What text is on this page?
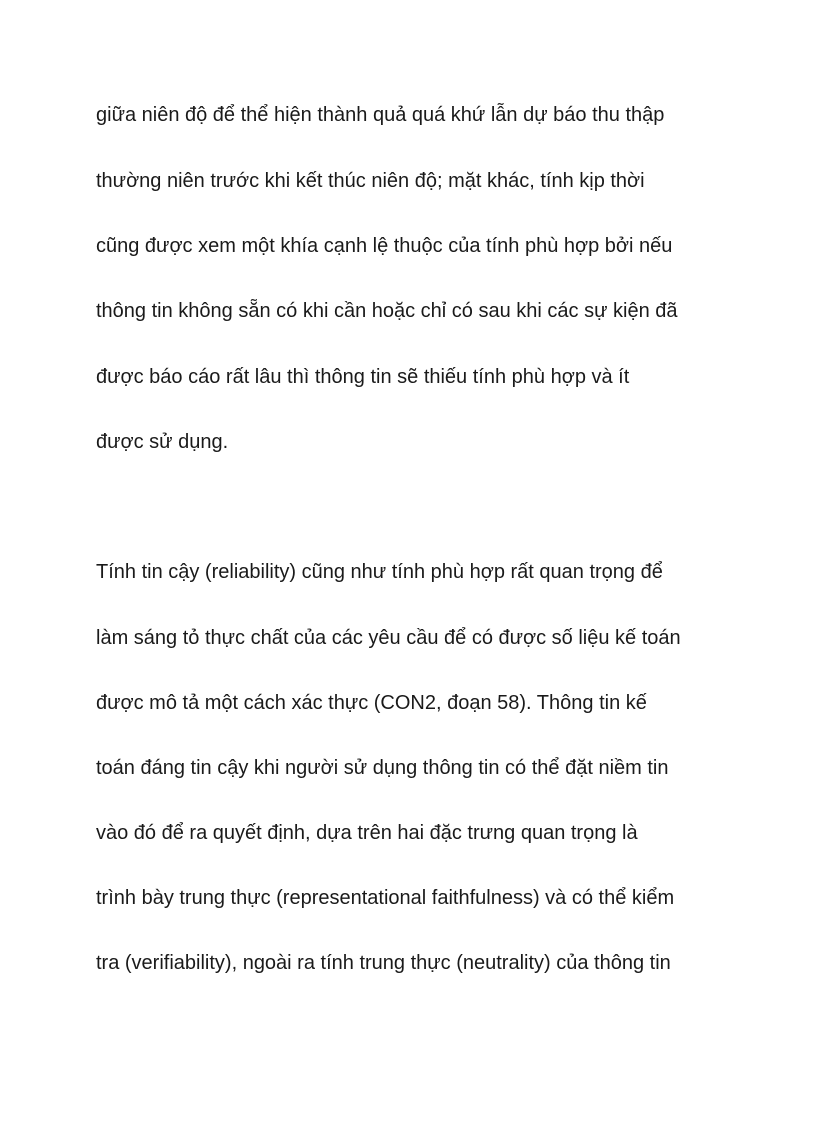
giữa niên độ để thể hiện thành quả quá khứ lẫn dự báo thu thập

thường niên trước khi kết thúc niên độ; mặt khác, tính kịp thời

cũng được xem một khía cạnh lệ thuộc của tính phù hợp bởi nếu

thông tin không sẵn có khi cần hoặc chỉ có sau khi các sự kiện đã

được báo cáo rất lâu thì thông tin sẽ thiếu tính phù hợp và ít

được sử dụng.

Tính tin cậy (reliability) cũng như tính phù hợp rất quan trọng để

làm sáng tỏ thực chất của các yêu cầu để có được số liệu kế toán

được mô tả một cách xác thực (CON2, đoạn 58). Thông tin kế

toán đáng tin cậy khi người sử dụng thông tin có thể đặt niềm tin

vào đó để ra quyết định, dựa trên hai đặc trưng quan trọng là

trình bày trung thực (representational faithfulness) và có thể kiểm

tra (verifiability), ngoài ra tính trung thực (neutrality) của thông tin
